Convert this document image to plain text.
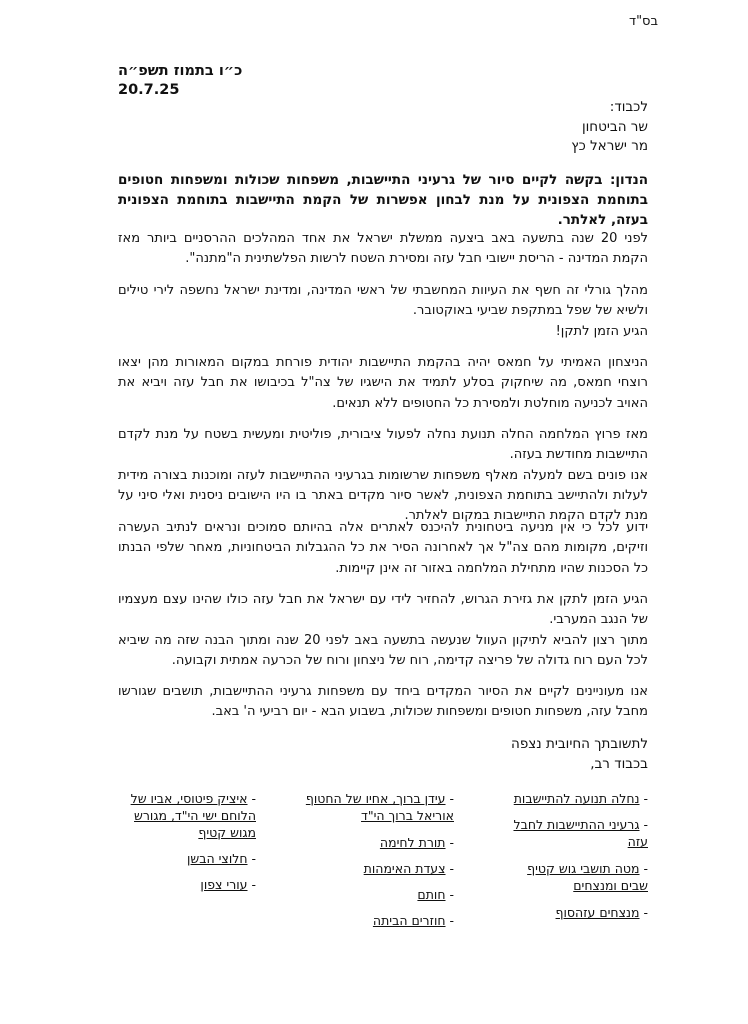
בס"ד
כ״ו בתמוז תשפ״ה
20.7.25
לכבוד:
שר הביטחון
מר ישראל כץ
הנדון: בקשה לקיים סיור של גרעיני התיישבות, משפחות שכולות ומשפחות חטופים בתוחמת הצפונית על מנת לבחון אפשרות של הקמת התיישבות בתוחמת הצפונית בעזה, לאלתר.

לפני 20 שנה בתשעה באב ביצעה ממשלת ישראל את אחד המהלכים ההרסניים ביותר מאז הקמת המדינה - הריסת יישובי חבל עזה ומסירת השטח לרשות הפלשתינית ה"מתנה".

מהלך גורלי זה חשף את העיוות המחשבתי של ראשי המדינה, ומדינת ישראל נחשפה לירי טילים ולשיא של שפל במתקפת שביעי באוקטובר.

הגיע הזמן לתקן!

הניצחון האמיתי על חמאס יהיה בהקמת התיישבות יהודית פורחת במקום המאורות מהן יצאו רוצחי חמאס, מה שיחקוק בסלע לתמיד את הישגיו של צה"ל בכיבושו את חבל עזה ויביא את האויב לכניעה מוחלטת ולמסירת כל החטופים ללא תנאים.

מאז פרוץ המלחמה החלה תנועת נחלה לפעול ציבורית, פוליטית ומעשית בשטח על מנת לקדם התיישבות מחודשת בעזה.

אנו פונים בשם למעלה מאלף משפחות שרשומות בגרעיני ההתיישבות לעזה ומוכנות בצורה מידית לעלות ולהתיישב בתוחמת הצפונית, לאשר סיור מקדים באתר בו היו הישובים ניסנית ואלי סיני על מנת לקדם הקמת התיישבות במקום לאלתר.

ידוע לכל כי אין מניעה ביטחונית להיכנס לאתרים אלה בהיותם סמוכים ונראים לנתיב העשרה וזיקים, מקומות מהם צה"ל אך לאחרונה הסיר את כל ההגבלות הביטחוניות, מאחר שלפי הבנתו כל הסכנות שהיו מתחילת המלחמה באזור זה אינן קיימות.

הגיע הזמן לתקן את גזירת הגרוש, להחזיר לידי עם ישראל את חבל עזה כולו שהינו עצם מעצמיו של הנגב המערבי.

מתוך רצון להביא לתיקון העוול שנעשה בתשעה באב לפני 20 שנה ומתוך הבנה שזה מה שיביא לכל העם רוח גדולה של פריצה קדימה, רוח של ניצחון ורוח של הכרעה אמתית וקבועה.

אנו מעוניינים לקיים את הסיור המקדים ביחד עם משפחות גרעיני ההתיישבות, תושבים שגורשו מחבל עזה, משפחות חטופים ומשפחות שכולות, בשבוע הבא - יום רביעי ה' באב.

לתשובתך החיובית נצפה
בכבוד רב,
- נחלה תנועה להתיישבות
- גרעיני ההתיישבות לחבל עזה
- מטה תושבי גוש קטיף שבים ומנצחים
- מנצחים עזהסוף
- עידן ברוך, אחיו של החטוף אוריאל ברוך הי"ד
- תורת לחימה
- צעדת האימהות
- חותם
- חוזרים הביתה
- איציק פיטוסי, אביו של הלוחם ישי הי"ד, מגורש מגוש קטיף
- חלוצי הבשן
- עורי צפון
